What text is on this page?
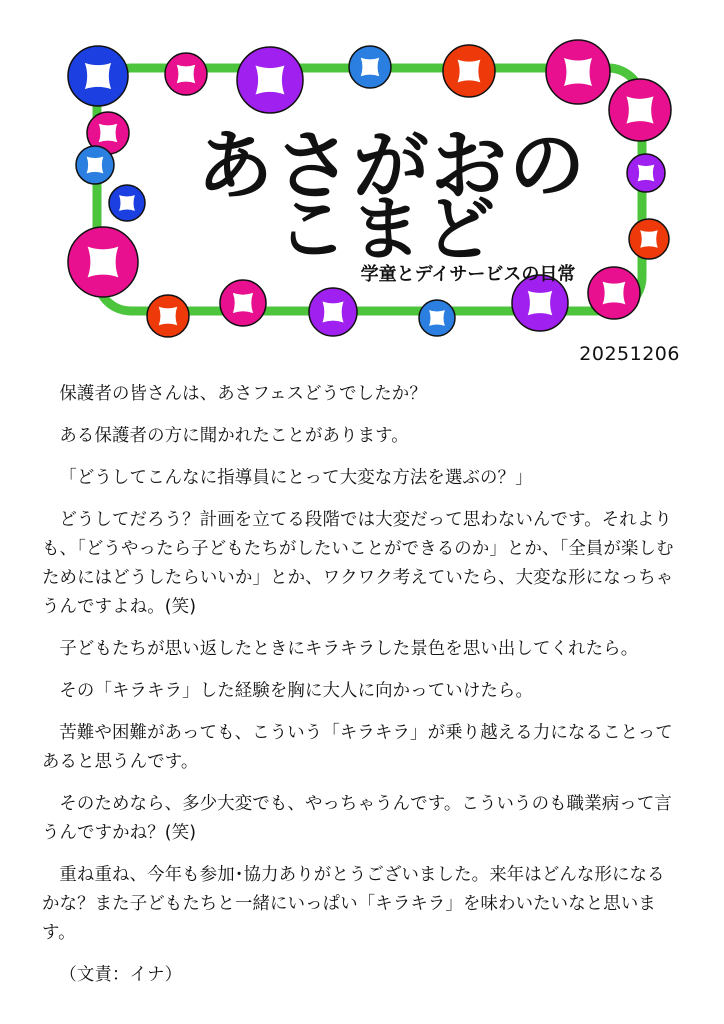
あさがおの
こまど
学童とデイサービスの日常
20251206

保護者の皆さんは、あさフェスどうでしたか？

ある保護者の方に聞かれたことがあります。

「どうしてこんなに指導員にとって大変な方法を選ぶの？」

どうしてだろう？計画を立てる段階では大変だって思わないんです。それよりも、「どうやったら子どもたちがしたいことができるのか」とか、「全員が楽しむためにはどうしたらいいか」とか、ワクワク考えていたら、大変な形になっちゃうんですよね。(笑)

子どもたちが思い返したときにキラキラした景色を思い出してくれたら。

その「キラキラ」した経験を胸に大人に向かっていけたら。

苦難や困難があっても、こういう「キラキラ」が乗り越える力になることってあると思うんです。

そのためなら、多少大変でも、やっちゃうんです。こういうのも職業病って言うんですかね？(笑)

重ね重ね、今年も参加･協力ありがとうございました。来年はどんな形になるかな？また子どもたちと一緒にいっぱい「キラキラ」を味わいたいなと思います。

（文責：イナ）
